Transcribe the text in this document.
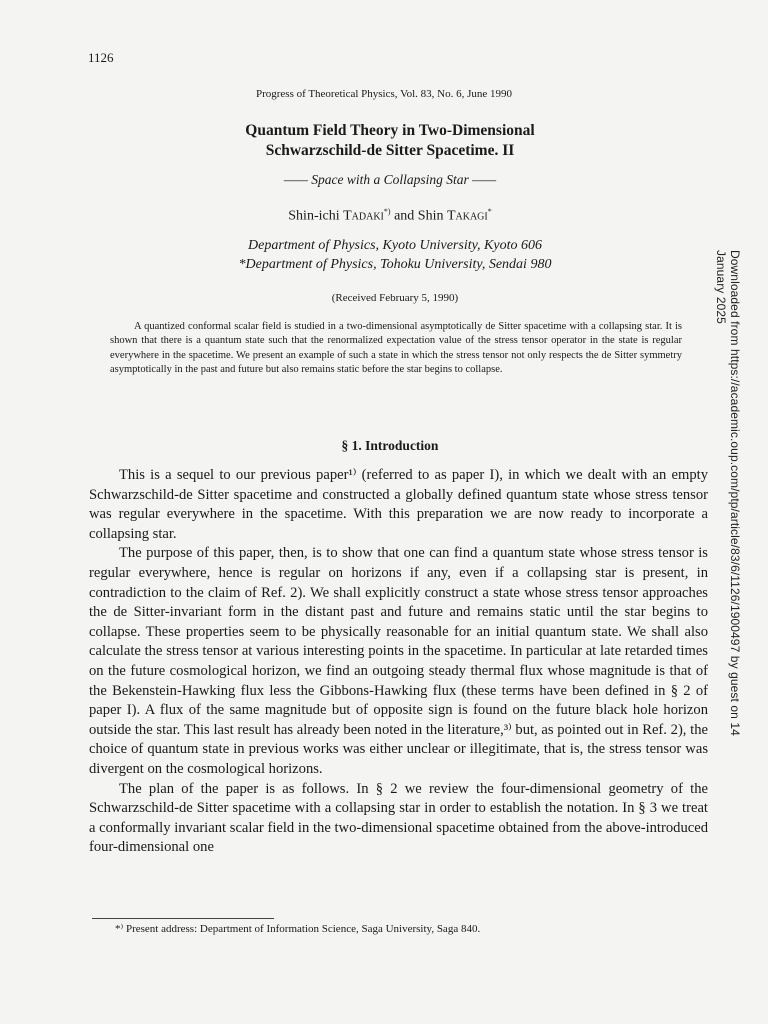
1126
Progress of Theoretical Physics, Vol. 83, No. 6, June 1990
Quantum Field Theory in Two-Dimensional
Schwarzschild-de Sitter Spacetime. II
—— Space with a Collapsing Star ——
Shin-ichi Tadaki*) and Shin Takagi*
Department of Physics, Kyoto University, Kyoto 606
*Department of Physics, Tohoku University, Sendai 980
(Received February 5, 1990)

A quantized conformal scalar field is studied in a two-dimensional asymptotically de Sitter spacetime with a collapsing star. It is shown that there is a quantum state such that the renormalized expectation value of the stress tensor operator in the state is regular everywhere in the spacetime. We present an example of such a state in which the stress tensor not only respects the de Sitter symmetry asymptotically in the past and future but also remains static before the star begins to collapse.

§ 1. Introduction

This is a sequel to our previous paper¹⁾ (referred to as paper I), in which we dealt with an empty Schwarzschild-de Sitter spacetime and constructed a globally defined quantum state whose stress tensor was regular everywhere in the spacetime. With this preparation we are now ready to incorporate a collapsing star.

The purpose of this paper, then, is to show that one can find a quantum state whose stress tensor is regular everywhere, hence is regular on horizons if any, even if a collapsing star is present, in contradiction to the claim of Ref. 2). We shall explicitly construct a state whose stress tensor approaches the de Sitter-invariant form in the distant past and future and remains static until the star begins to collapse. These properties seem to be physically reasonable for an initial quantum state. We shall also calculate the stress tensor at various interesting points in the spacetime. In particular at late retarded times on the future cosmological horizon, we find an outgoing steady thermal flux whose magnitude is that of the Bekenstein-Hawking flux less the Gibbons-Hawking flux (these terms have been defined in § 2 of paper I). A flux of the same magnitude but of opposite sign is found on the future black hole horizon outside the star. This last result has already been noted in the literature,³⁾ but, as pointed out in Ref. 2), the choice of quantum state in previous works was either unclear or illegitimate, that is, the stress tensor was divergent on the cosmological horizons.

The plan of the paper is as follows. In § 2 we review the four-dimensional geometry of the Schwarzschild-de Sitter spacetime with a collapsing star in order to establish the notation. In § 3 we treat a conformally invariant scalar field in the two-dimensional spacetime obtained from the above-introduced four-dimensional one

*⁾ Present address: Department of Information Science, Saga University, Saga 840.
Downloaded from https://academic.oup.com/ptp/article/83/6/1126/1900497 by guest on 14 January 2025
